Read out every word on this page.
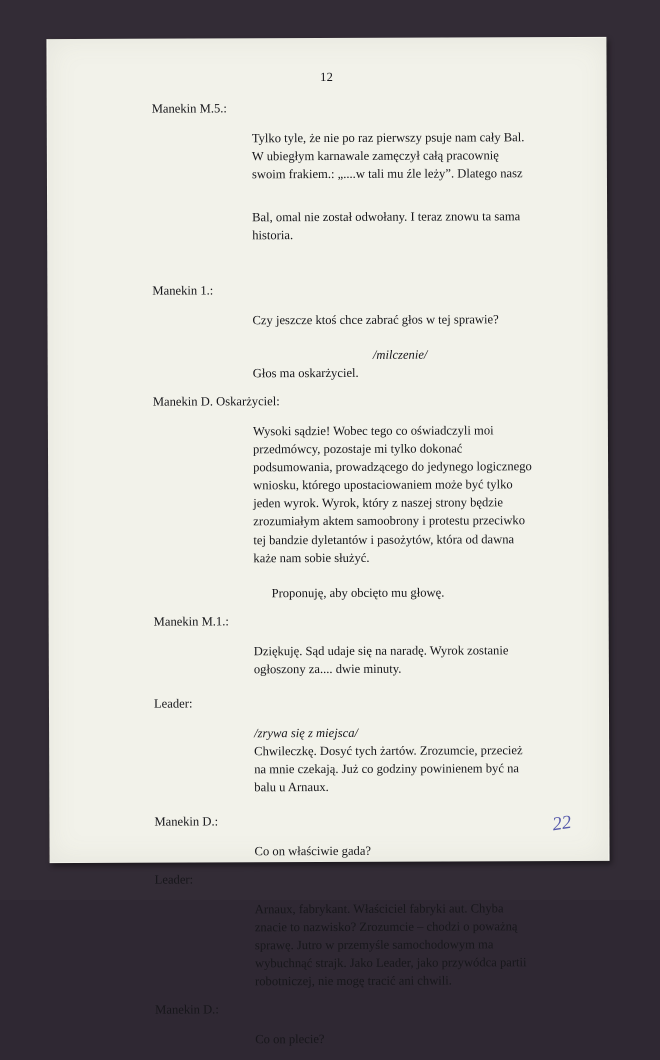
12
Manekin M.5.:
Tylko tyle, że nie po raz pierwszy psuje nam cały Bal.
W ubiegłym karnawale zamęczył całą pracownię
swoim frakiem.: „....w tali mu źle leży”. Dlatego nasz
Bal, omal nie został odwołany. I teraz znowu ta sama
historia.
Manekin 1.:
Czy jeszcze ktoś chce zabrać głos w tej sprawie?
/milczenie/
Głos ma oskarżyciel.
Manekin D. Oskarżyciel:
Wysoki sądzie! Wobec tego co oświadczyli moi
przedmówcy, pozostaje mi tylko dokonać
podsumowania, prowadzącego do jedynego logicznego
wniosku, którego upostaciowaniem może być tylko
jeden wyrok. Wyrok, który z naszej strony będzie
zrozumiałym aktem samoobrony i protestu przeciwko
tej bandzie dyletantów i pasożytów, która od dawna
każe nam sobie służyć.
Proponuję, aby obcięto mu głowę.
Manekin M.1.:
Dziękuję. Sąd udaje się na naradę. Wyrok zostanie
ogłoszony za.... dwie minuty.
Leader:
/zrywa się z miejsca/
Chwileczkę. Dosyć tych żartów. Zrozumcie, przecież
na mnie czekają. Już co godziny powinienem być na
balu u Arnaux.
Manekin D.:
Co on właściwie gada?
Leader:
Arnaux, fabrykant. Właściciel fabryki aut. Chyba
znacie to nazwisko? Zrozumcie – chodzi o poważną
sprawę. Jutro w przemyśle samochodowym ma
wybuchnąć strajk. Jako Leader, jako przywódca partii
robotniczej, nie mogę tracić ani chwili.
Manekin D.:
Co on plecie?
22
